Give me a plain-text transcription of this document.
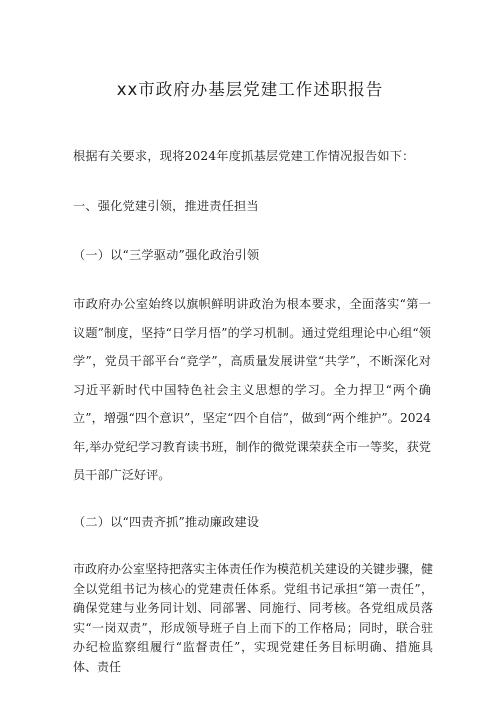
xx市政府办基层党建工作述职报告
根据有关要求，现将2024年度抓基层党建工作情况报告如下：
一、强化党建引领，推进责任担当
（一）以“三学驱动”强化政治引领
市政府办公室始终以旗帜鲜明讲政治为根本要求，全面落实“第一议题”制度，坚持“日学月悟”的学习机制。通过党组理论中心组“领学”，党员干部平台“竞学”，高质量发展讲堂“共学”，不断深化对习近平新时代中国特色社会主义思想的学习。全力捍卫“两个确立”，增强“四个意识”，坚定“四个自信”，做到“两个维护”。2024年,举办党纪学习教育读书班，制作的微党课荣获全市一等奖，获党员干部广泛好评。
（二）以“四责齐抓”推动廉政建设
市政府办公室坚持把落实主体责任作为模范机关建设的关键步骤，健全以党组书记为核心的党建责任体系。党组书记承担“第一责任”，确保党建与业务同计划、同部署、同施行、同考核。各党组成员落实“一岗双责”，形成领导班子自上而下的工作格局；同时，联合驻办纪检监察组履行“监督责任”，实现党建任务目标明确、措施具体、责任
